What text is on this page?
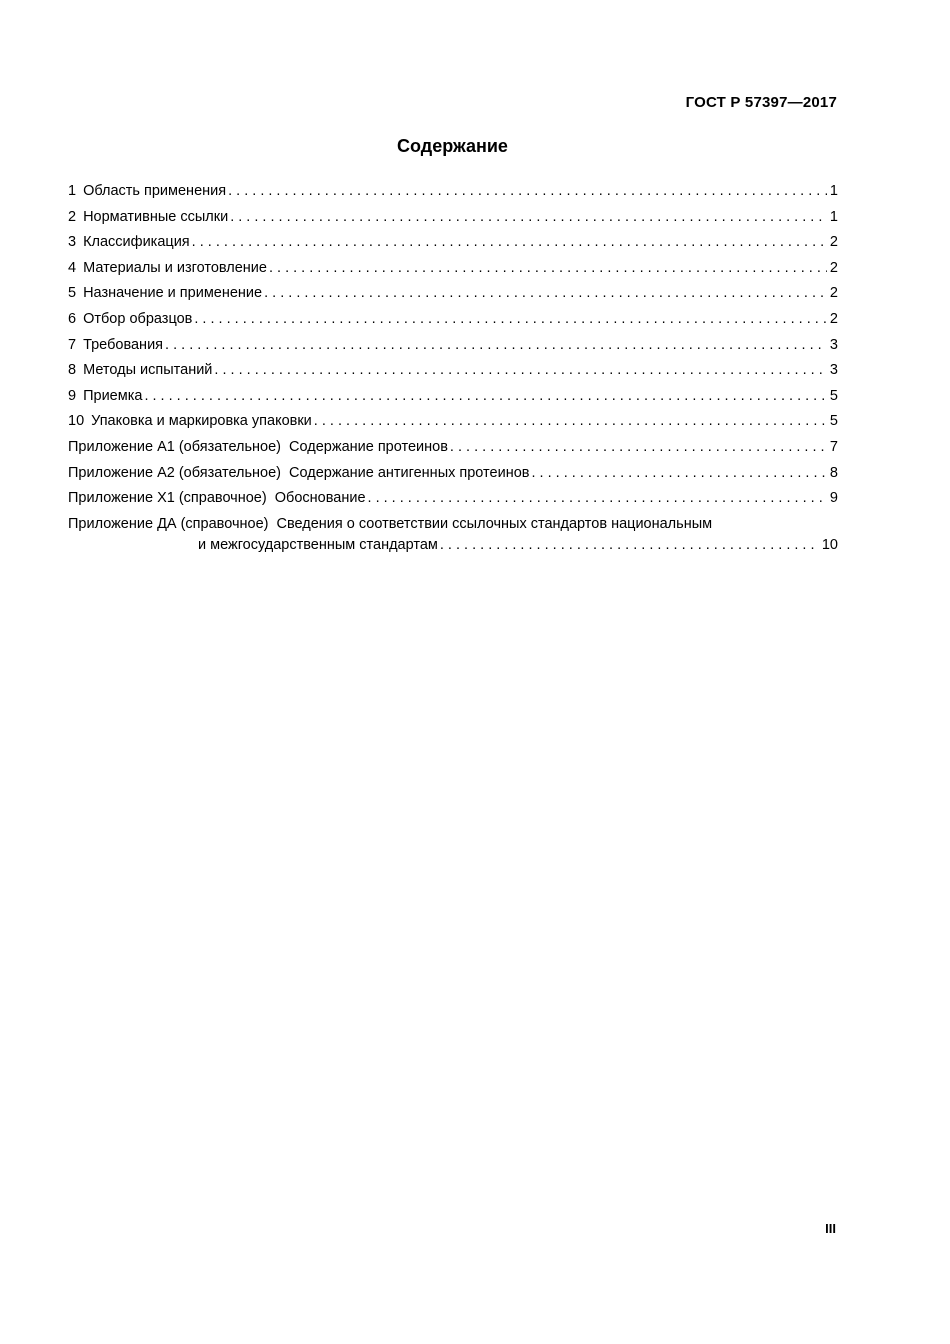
ГОСТ Р 57397—2017
Содержание
1 Область применения . . .	1
2 Нормативные ссылки . . .	1
3 Классификация . . .	2
4 Материалы и изготовление . . .	2
5 Назначение и применение . . .	2
6 Отбор образцов . . .	2
7 Требования . . .	3
8 Методы испытаний . . .	3
9 Приемка . . .	5
10 Упаковка и маркировка упаковки . . .	5
Приложение А1 (обязательное)  Содержание протеинов . . .	7
Приложение А2 (обязательное)  Содержание антигенных протеинов . . .	8
Приложение Х1 (справочное)  Обоснование . . .	9
Приложение ДА (справочное)  Сведения о соответствии ссылочных стандартов национальным
и межгосударственным стандартам . . .	10
III
